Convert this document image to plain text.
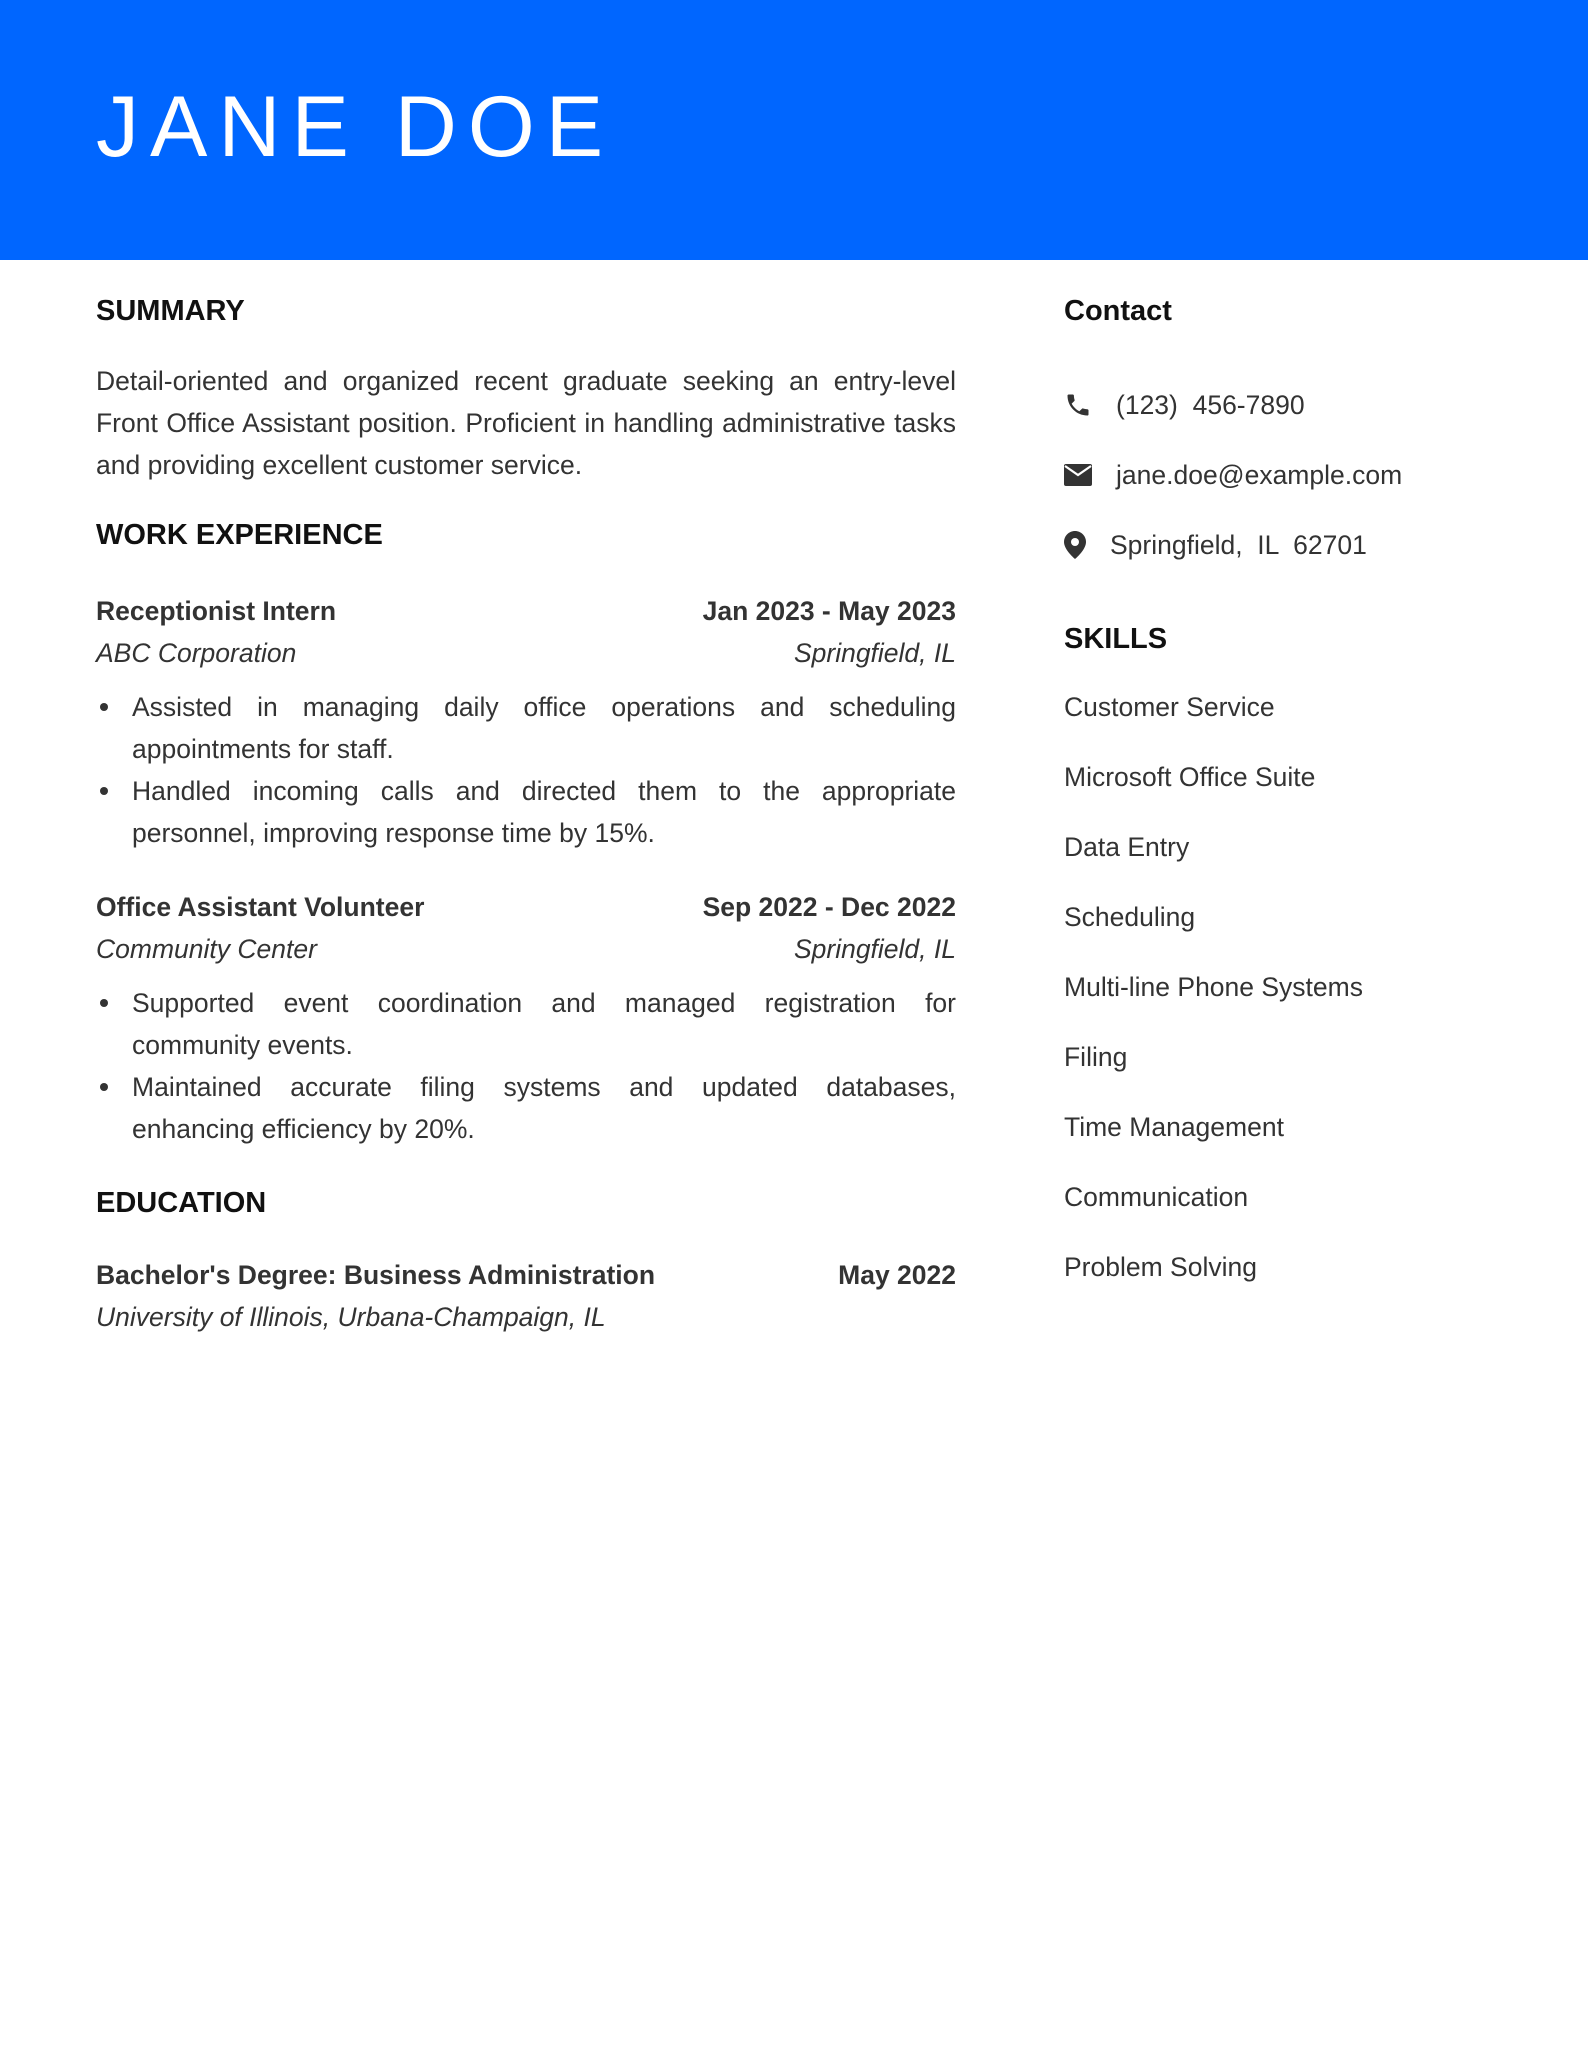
JANE DOE
SUMMARY

Detail-oriented and organized recent graduate seeking an entry-level Front Office Assistant position. Proficient in handling administrative tasks and providing excellent customer service.

WORK EXPERIENCE
Receptionist Intern	Jan 2023 - May 2023
ABC Corporation	Springfield, IL
Assisted in managing daily office operations and scheduling appointments for staff.
Handled incoming calls and directed them to the appropriate personnel, improving response time by 15%.
Office Assistant Volunteer	Sep 2022 - Dec 2022
Community Center	Springfield, IL
Supported event coordination and managed registration for community events.
Maintained accurate filing systems and updated databases, enhancing efficiency by 20%.
EDUCATION
Bachelor's Degree: Business Administration	May 2022
University of Illinois, Urbana-Champaign, IL
Contact
(123)  456-7890
jane.doe@example.com
Springfield,  IL  62701
SKILLS
Customer Service
Microsoft Office Suite
Data Entry
Scheduling
Multi-line Phone Systems
Filing
Time Management
Communication
Problem Solving
